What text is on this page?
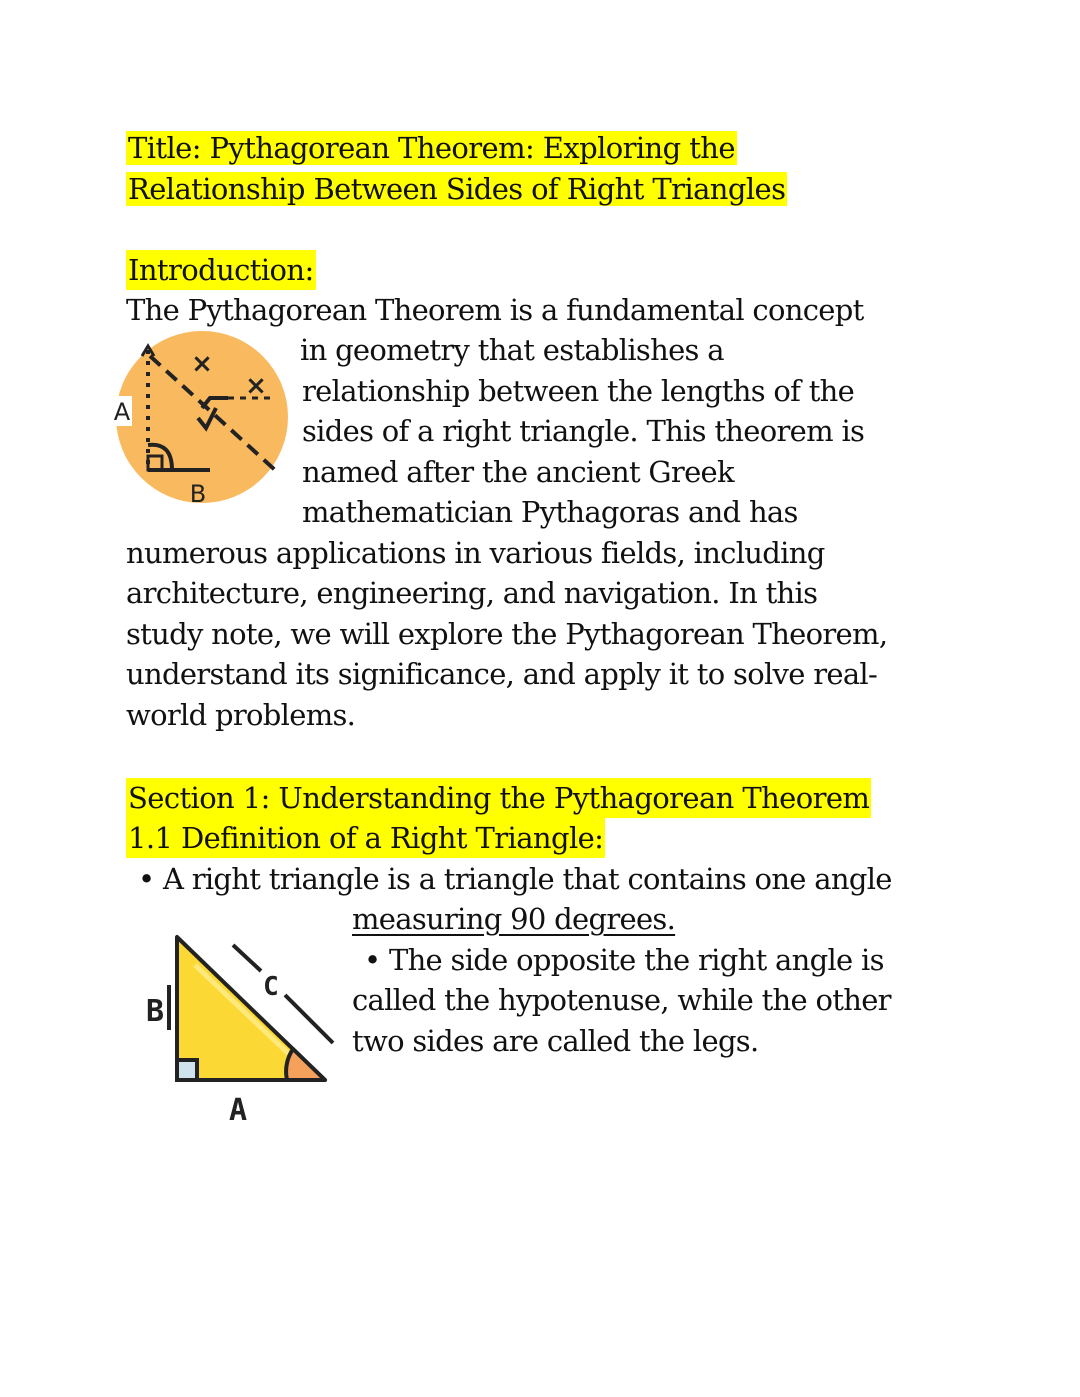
Title: Pythagorean Theorem: Exploring the
Relationship Between Sides of Right Triangles
Introduction:

The Pythagorean Theorem is a fundamental concept

in geometry that establishes a

relationship between the lengths of the

sides of a right triangle. This theorem is

named after the ancient Greek

mathematician Pythagoras and has

numerous applications in various fields, including

architecture, engineering, and navigation. In this

study note, we will explore the Pythagorean Theorem,

understand its significance, and apply it to solve real-

world problems.

×
×
A
B
Section 1: Understanding the Pythagorean Theorem
1.1 Definition of a Right Triangle:

• A right triangle is a triangle that contains one angle

measuring 90 degrees.

• The side opposite the right angle is

called the hypotenuse, while the other

two sides are called the legs.

B
C
A
